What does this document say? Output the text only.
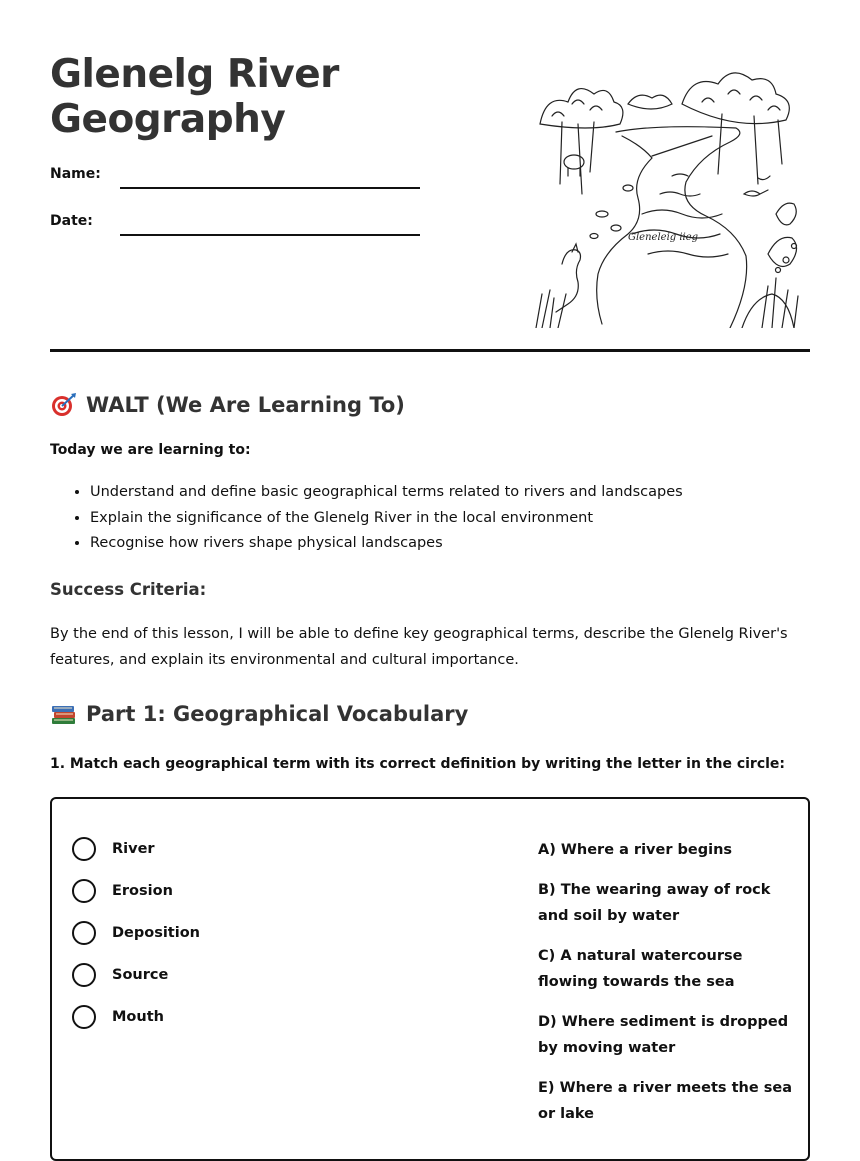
Glenelg River Geography
Name:
Date:
Gleneleig iieg
WALT (We Are Learning To)
Today we are learning to:
• Understand and define basic geographical terms related to rivers and landscapes
• Explain the significance of the Glenelg River in the local environment
• Recognise how rivers shape physical landscapes
Success Criteria:
By the end of this lesson, I will be able to define key geographical terms, describe the Glenelg River's features, and explain its environmental and cultural importance.
Part 1: Geographical Vocabulary
1. Match each geographical term with its correct definition by writing the letter in the circle:
River
Erosion
Deposition
Source
Mouth
A) Where a river begins
B) The wearing away of rock and soil by water
C) A natural watercourse flowing towards the sea
D) Where sediment is dropped by moving water
E) Where a river meets the sea or lake
